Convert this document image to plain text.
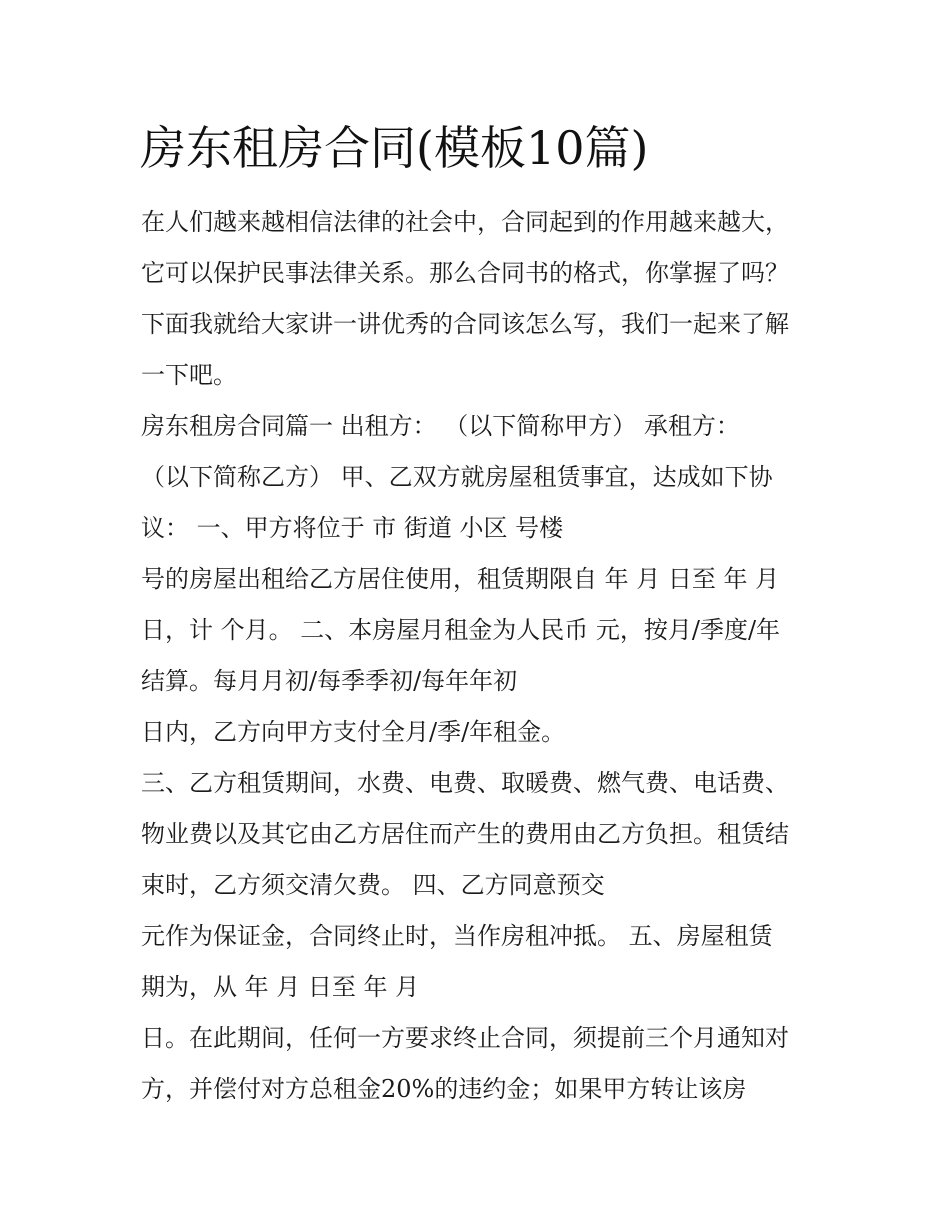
房东租房合同(模板10篇)
在人们越来越相信法律的社会中，合同起到的作用越来越大，
它可以保护民事法律关系。那么合同书的格式，你掌握了吗？
下面我就给大家讲一讲优秀的合同该怎么写，我们一起来了解
一下吧。
房东租房合同篇一 出租方： （以下简称甲方） 承租方：
（以下简称乙方） 甲、乙双方就房屋租赁事宜，达成如下协
议： 一、甲方将位于 市 街道 小区 号楼
号的房屋出租给乙方居住使用，租赁期限自 年 月 日至 年 月
日，计 个月。 二、本房屋月租金为人民币 元，按月/季度/年
结算。每月月初/每季季初/每年年初
日内，乙方向甲方支付全月/季/年租金。
三、乙方租赁期间，水费、电费、取暖费、燃气费、电话费、
物业费以及其它由乙方居住而产生的费用由乙方负担。租赁结
束时，乙方须交清欠费。 四、乙方同意预交
元作为保证金，合同终止时，当作房租冲抵。 五、房屋租赁
期为，从 年 月 日至 年 月
日。在此期间，任何一方要求终止合同，须提前三个月通知对
方，并偿付对方总租金20%的违约金；如果甲方转让该房
